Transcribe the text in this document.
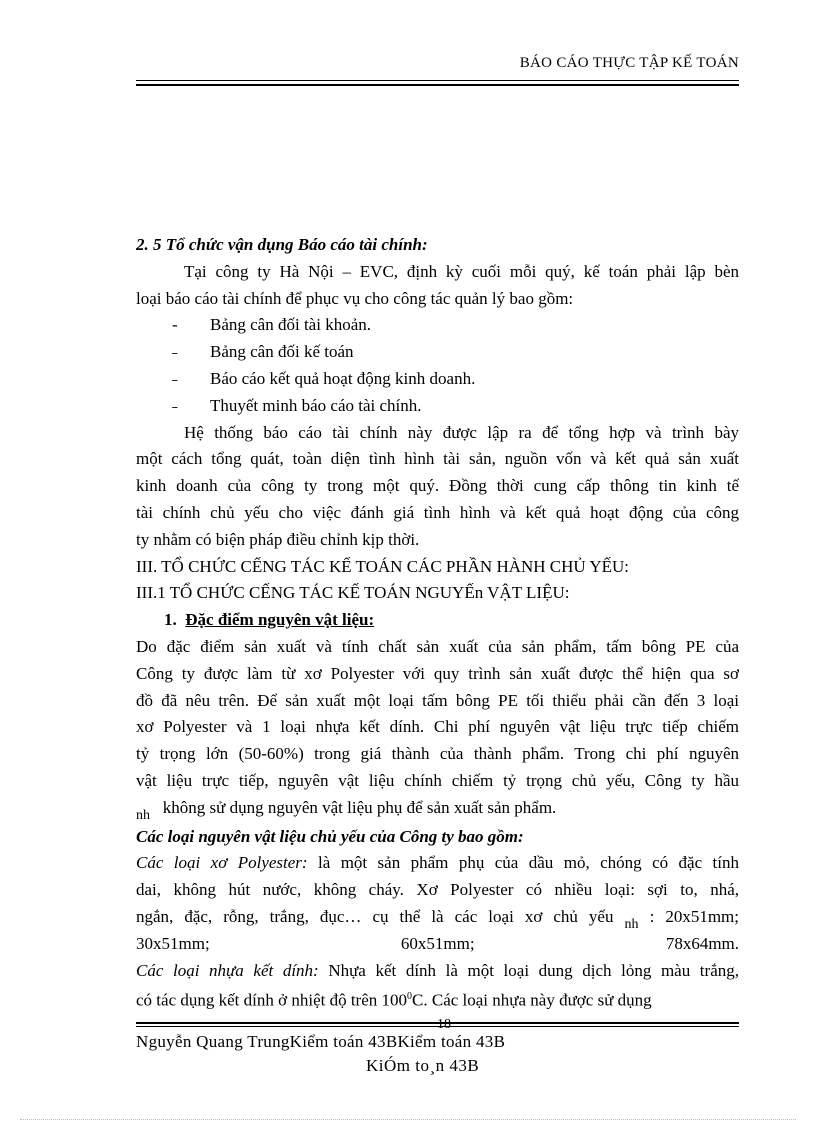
BÁO CÁO THỰC TẬP KẾ TOÁN
2. 5 Tổ chức vận dụng Báo cáo tài chính:
Tại công ty Hà Nội – EVC, định kỳ cuối mỗi quý, kế toán phải lập bèn
loại báo cáo tài chính để phục vụ cho công tác quản lý bao gồm:
- Bảng cân đối tài khoản.
˗ Bảng cân đối kế toán
˗ Báo cáo kết quả hoạt động kinh doanh.
˗ Thuyết minh báo cáo tài chính.
Hệ thống báo cáo tài chính này được lập ra để tổng hợp và trình bày
một cách tổng quát, toàn diện tình hình tài sản, nguồn vốn và kết quả sản xuất
kinh doanh của công ty trong một quý. Đồng thời cung cấp thông tin kinh tế
tài chính chủ yếu cho việc đánh giá tình hình và kết quả hoạt động của công
ty nhằm có biện pháp điều chỉnh kịp thời.
III. TỔ CHỨC CẾNG TÁC KẾ TOÁN CÁC PHẦN HÀNH CHỦ YẾU:
III.1 TỔ CHỨC CẾNG TÁC KẾ TOÁN NGUYẾn VẬT LIỆU:
1. Đặc điểm nguyên vật liệu:
Do đặc điểm sản xuất và tính chất sản xuất của sản phẩm, tấm bông PE của
Công ty được làm từ xơ Polyester với quy trình sản xuất được thể hiện qua sơ
đồ đã nêu trên. Để sản xuất một loại tấm bông PE tối thiểu phải cần đến 3 loại
xơ Polyester và 1 loại nhựa kết dính. Chi phí nguyên vật liệu trực tiếp chiếm
tỷ trọng lớn (50-60%) trong giá thành của thành phẩm. Trong chi phí nguyên
vật liệu trực tiếp, nguyên vật liệu chính chiếm tỷ trọng chủ yếu, Công ty hầu
$_{nh}$ không sử dụng nguyên vật liệu phụ để sản xuất sản phẩm.
Các loại nguyên vật liệu chủ yếu của Công ty bao gồm:
Các loại xơ Polyester: là một sản phẩm phụ của dầu mỏ, chóng có đặc tính
dai, không hút nước, không cháy. Xơ Polyester có nhiều loại: sợi to, nhá,
ngắn, đặc, rỗng, trắng, đục… cụ thể là các loại xơ chủ yếu $_{nh}$ : 20x51mm;
30x51mm;	60x51mm;	78x64mm.
Các loại nhựa kết dính: Nhựa kết dính là một loại dung dịch lỏng màu trắng,
có tác dụng kết dính ở nhiệt độ trên $100^0C$. Các loại nhựa này được sử dụng
18
Nguyễn Quang TrungKiểm toán 43BKiểm toán 43B
KiÓm to¸n 43B
